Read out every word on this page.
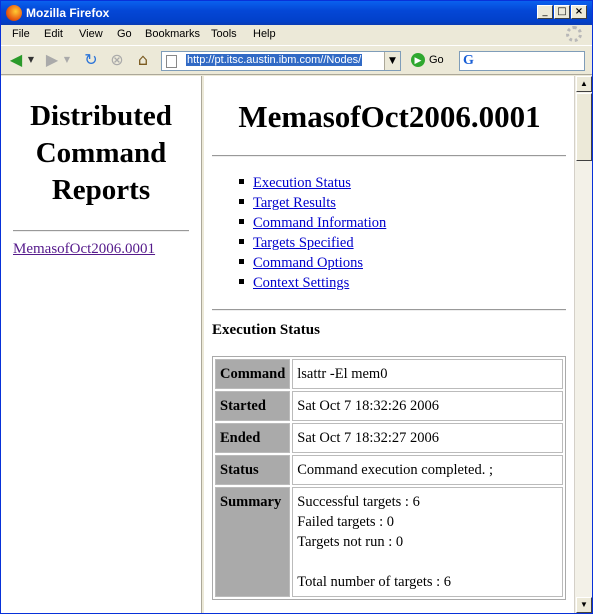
Mozilla Firefox	_ □ ×
File Edit View Go Bookmarks Tools Help
◀ ▼ ▶ ▼ ↻ ⊗ ⌂	http://pt.itsc.austin.ibm.com//Nodes/	▼	▶ Go G
Distributed
Command
Reports
MemasofOct2006.0001
MemasofOct2006.0001
Execution Status
Target Results
Command Information
Targets Specified
Command Options
Context Settings
Execution Status
Command	lsattr -El mem0

Started	Sat Oct 7 18:32:26 2006

Ended	Sat Oct 7 18:32:27 2006

Status	Command execution completed. ;

Summary	Successful targets : 6
Failed targets : 0
Targets not run : 0
Total number of targets : 6
▲
▼
